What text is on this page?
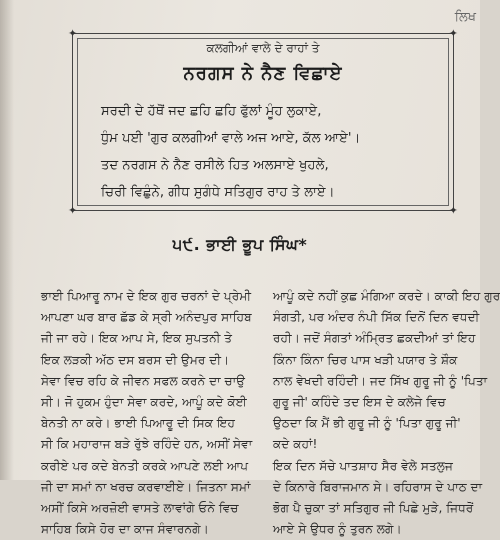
ਲਿਖ
✦	✦
✦	✦
ਕਲਗੀਆਂ ਵਾਲੇ ਦੇ ਰਾਹਾਂ ਤੇ
ਨਰਗਸ ਨੇ ਨੈਣ ਵਿਛਾਏ
ਸਰਦੀ ਦੇ ਹੱਥੋਂ ਜਦ ਛਹਿ ਛਹਿ ਫੁੱਲਾਂ ਮੂੰਹ ਲੁਕਾਏ,
ਧੁੰਮ ਪਈ 'ਗੁਰ ਕਲਗੀਆਂ ਵਾਲੇ ਅਜ ਆਏ, ਕੱਲ ਆਏ'।
ਤਦ ਨਰਗਸ ਨੇ ਨੈਣ ਰਸੀਲੇ ਹਿਤ ਅਲਸਾਏ ਖੁਹਲੇ,
ਚਿਰੀ ਵਿਛੁੰਨੇ, ਗੀਧ ਸੁਗੰਧੇ ਸਤਿਗੁਰ ਰਾਹ ਤੇ ਲਾਏ।
੫੯. ਭਾਈ ਭੂਪ ਸਿੰਘ*
ਭਾਈ ਪਿਆਰੂ ਨਾਮ ਦੇ ਇਕ ਗੁਰ ਚਰਨਾਂ ਦੇ ਪ੍ਰੇਮੀ
ਆਪਣਾ ਘਰ ਬਾਰ ਛੱਡ ਕੇ ਸ੍ਰੀ ਅਨੰਦਪੁਰ ਸਾਹਿਬ
ਜੀ ਜਾ ਰਹੇ। ਇਕ ਆਪ ਸੇ, ਇਕ ਸੁਪਤਨੀ ਤੇ
ਇਕ ਲੜਕੀ ਅੱਠ ਦਸ ਬਰਸ ਦੀ ਉਮਰ ਦੀ।
ਸੇਵਾ ਵਿਚ ਰਹਿ ਕੇ ਜੀਵਨ ਸਫਲ ਕਰਨੇ ਦਾ ਚਾਉ
ਸੀ। ਜੋ ਹੁਕਮ ਹੁੰਦਾ ਸੇਵਾ ਕਰਦੇ, ਆਪੂੰ ਕਦੇ ਕੋਈ
ਬੇਨਤੀ ਨਾ ਕਰੇ। ਭਾਈ ਪਿਆਰੂ ਦੀ ਸਿਕ ਇਹ
ਸੀ ਕਿ ਮਹਾਰਾਜ ਬੜੇ ਰੁੱਝੇ ਰਹਿੰਦੇ ਹਨ, ਅਸੀਂ ਸੇਵਾ
ਕਰੀਏ ਪਰ ਕਦੇ ਬੇਨਤੀ ਕਰਕੇ ਆਪਣੇ ਲਈ ਆਪ
ਜੀ ਦਾ ਸਮਾਂ ਨਾ ਖਰਚ ਕਰਵਾਈਏ। ਜਿਤਨਾ ਸਮਾਂ
ਅਸੀਂ ਕਿਸੇ ਅਰਜ਼ੋਈ ਵਾਸਤੇ ਲਾਵਾਂਗੇ ਓਨੇ ਵਿਚ
ਸਾਹਿਬ ਕਿਸੇ ਹੋਰ ਦਾ ਕਾਜ ਸੰਵਾਰਨਗੇ।
ਆਪੂੰ ਕਦੇ ਨਹੀਂ ਕੁਛ ਮੰਗਿਆ ਕਰਦੇ। ਕਾਕੀ ਇਹ ਗੁਰ
ਸੰਗਤੀ, ਪਰ ਅੰਦਰ ਨੰਪੀ ਸਿੱਕ ਦਿਨੋਂ ਦਿਨ ਵਧਦੀ
ਰਹੀ। ਜਦੋਂ ਸੰਗਤਾਂ ਅੰਮ੍ਰਿਤ ਛਕਦੀਆਂ ਤਾਂ ਇਹ
ਕਿੰਨਾ ਕਿੰਨਾ ਚਿਰ ਪਾਸ ਖੜੀ ਪਯਾਰ ਤੇ ਸ਼ੌਕ
ਨਾਲ ਵੇਖਦੀ ਰਹਿੰਦੀ। ਜਦ ਸਿੱਖ ਗੁਰੂ ਜੀ ਨੂੰ 'ਪਿਤਾ
ਗੁਰੂ ਜੀ' ਕਹਿੰਦੇ ਤਦ ਇਸ ਦੇ ਕਲੇਜੇ ਵਿਚ
ਉਠਦਾ ਕਿ ਮੈਂ ਭੀ ਗੁਰੂ ਜੀ ਨੂੰ 'ਪਿਤਾ ਗੁਰੂ ਜੀ'
ਕਦੇ ਕਹਾਂ!
ਇਕ ਦਿਨ ਸੱਚੇ ਪਾਤਸ਼ਾਹ ਸੈਰ ਵੇਲੇ ਸਤਲੁਜ
ਦੇ ਕਿਨਾਰੇ ਬਿਰਾਜਮਾਨ ਸੇ। ਰਹਿਰਾਸ ਦੇ ਪਾਠ ਦਾ
ਭੋਗ ਪੈ ਚੁਕਾ ਤਾਂ ਸਤਿਗੁਰ ਜੀ ਪਿਛੇ ਮੁੜੇ, ਜਿਧਰੋਂ
ਆਏ ਸੇ ਉਧਰ ਨੂੰ ਤੁਰਨ ਲਗੇ।
